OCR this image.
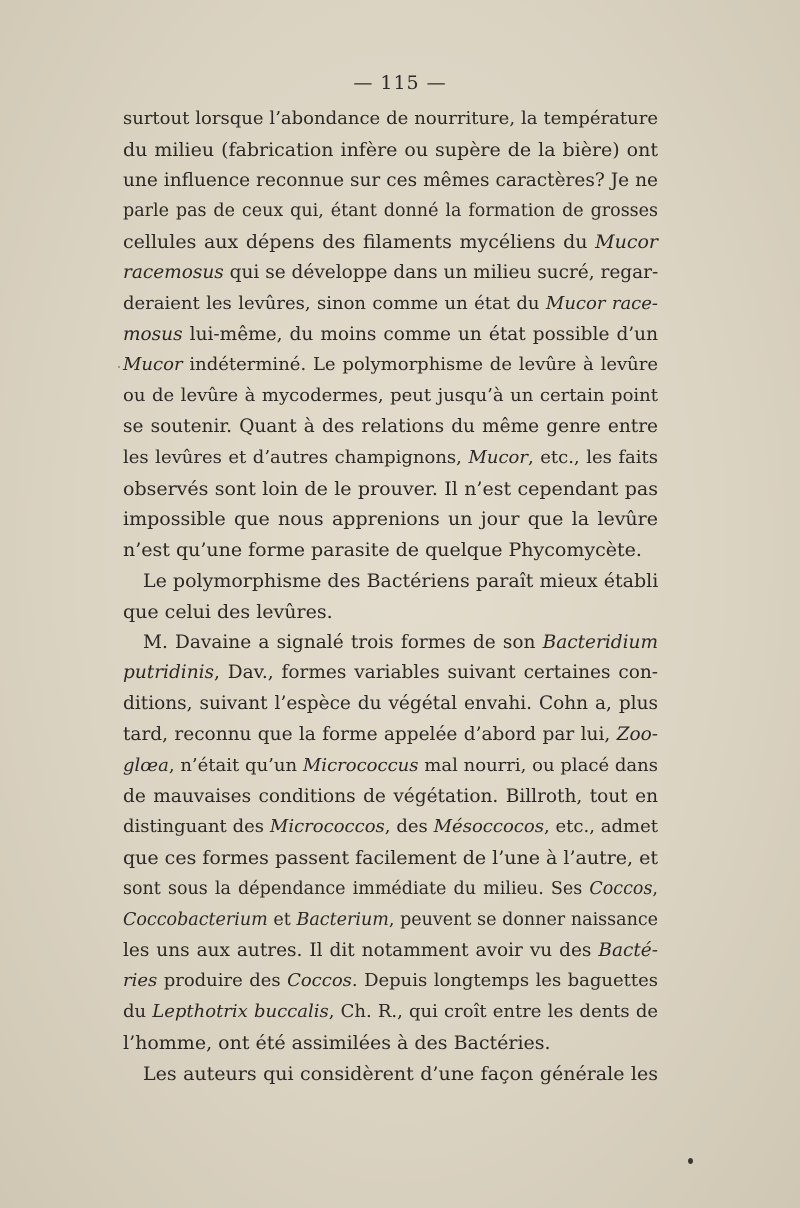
— 115 —
surtout lorsque l’abondance de nourriture, la température
du milieu (fabrication infère ou supère de la bière) ont
une influence reconnue sur ces mêmes caractères? Je ne
parle pas de ceux qui, étant donné la formation de grosses
cellules aux dépens des filaments mycéliens du Mucor
racemosus qui se développe dans un milieu sucré, regar-
deraient les levûres, sinon comme un état du Mucor race-
mosus lui-même, du moins comme un état possible d’un
Mucor indéterminé. Le polymorphisme de levûre à levûre
ou de levûre à mycodermes, peut jusqu’à un certain point
se soutenir. Quant à des relations du même genre entre
les levûres et d’autres champignons, Mucor, etc., les faits
observés sont loin de le prouver. Il n’est cependant pas
impossible que nous apprenions un jour que la levûre
n’est qu’une forme parasite de quelque Phycomycète.
Le polymorphisme des Bactériens paraît mieux établi
que celui des levûres.
M. Davaine a signalé trois formes de son Bacteridium
putridinis, Dav., formes variables suivant certaines con-
ditions, suivant l’espèce du végétal envahi. Cohn a, plus
tard, reconnu que la forme appelée d’abord par lui, Zoo-
glœa, n’était qu’un Micrococcus mal nourri, ou placé dans
de mauvaises conditions de végétation. Billroth, tout en
distinguant des Micrococcos, des Mésoccocos, etc., admet
que ces formes passent facilement de l’une à l’autre, et
sont sous la dépendance immédiate du milieu. Ses Coccos,
Coccobacterium et Bacterium, peuvent se donner naissance
les uns aux autres. Il dit notamment avoir vu des Bacté-
ries produire des Coccos. Depuis longtemps les baguettes
du Lepthotrix buccalis, Ch. R., qui croît entre les dents de
l’homme, ont été assimilées à des Bactéries.
Les auteurs qui considèrent d’une façon générale les
